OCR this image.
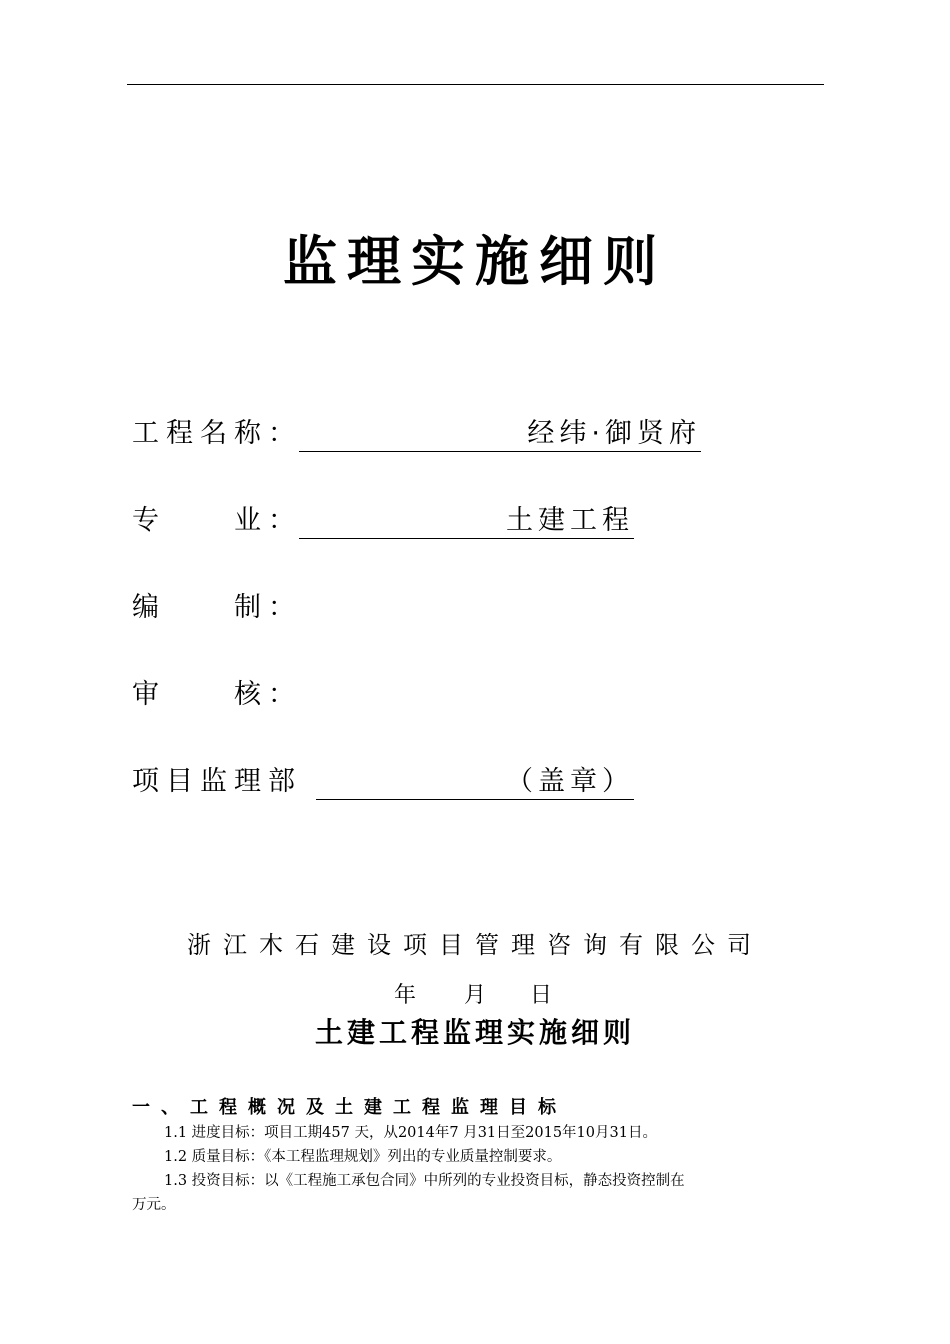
监理实施细则
工程名称：	经纬·御贤府
专　　业：	土建工程
编　　制：
审　　核：
项目监理部	（盖章）
浙江木石建设项目管理咨询有限公司
年 月 日
土建工程监理实施细则
一、工程概况及土建工程监理目标
1.1 进度目标：项目工期457 天，从2014年7 月31日至2015年10月31日。
1.2 质量目标：《本工程监理规划》列出的专业质量控制要求。
1.3 投资目标：以《工程施工承包合同》中所列的专业投资目标，静态投资控制在
万元。
